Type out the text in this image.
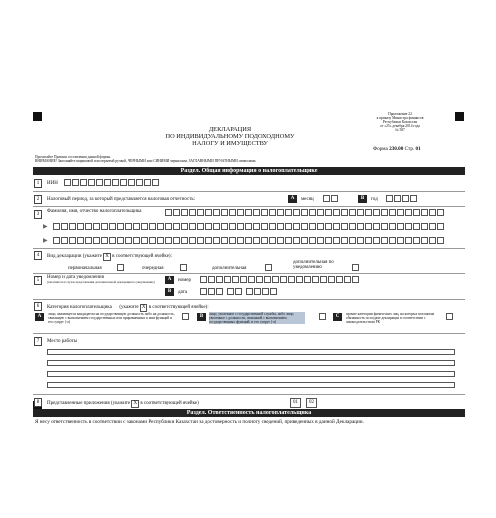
Приложение 22
к приказу Министра финансов
Республики Казахстан
от «25» декабря 2014 года
№ 587
ДЕКЛАРАЦИЯ
ПО ИНДИВИДУАЛЬНОМУ ПОДОХОДНОМУ
НАЛОГУ И ИМУЩЕСТВУ
Форма 230.00 Стр. 01
Прочитайте Правила составления данной формы.
ВНИМАНИЕ! Заполняйте шариковой или перьевой ручкой, ЧЕРНЫМИ или СИНИМИ чернилами, ЗАГЛАВНЫМИ ПЕЧАТНЫМИ символами.
Раздел. Общая информация о налогоплательщике
1	ИИН
2	Налоговый период, за который представляется налоговая отчетность:	A	месяц	B	год
3
Фамилия, имя, отчество налогоплательщика
▶
▶
4	Вид декларации (укажите X в соответствующей ячейке):
первоначальная	очередная	дополнительная
дополнительная по уведомлению
5
Номер и дата уведомления
(заполняется в случае представления дополнительной декларации по уведомлению)	A	номер
B	дата
6	Категория налогоплательщика (укажите X в соответствующей ячейке):
A	лицо, являющееся кандидатом на государственную должность либо на должность, связанную с выполнением государственных или приравненных к ним функций и его супруг (-а)
B	лицо, уволенное с государственной службы, либо лицо, уволенное с должности, связанной с выполнением государственных функций, и его супруг (-а)
C	прочие категории физических лиц, на которых возложена обязанность по подаче декларации в соответствии с законодательством РК
7	Место работы
8	Представленные приложения (укажите X в соответствующей ячейке)	01	02
Раздел. Ответственность налогоплательщика
Я несу ответственность в соответствии с законами Республики Казахстан за достоверность и полноту сведений, приведенных в данной Декларации.
